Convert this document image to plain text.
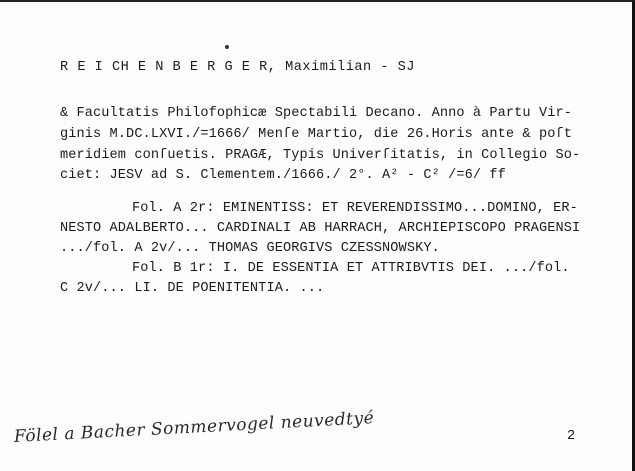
R E I CH E N B E R G E R, Maximilian - SJ
& Facultatis Philofophicæ Spectabili Decano. Anno à Partu Vir-
ginis M.DC.LXVI./=1666/ Menſe Martio, die 26.Horis ante & poſt
meridiem conſuetis. PRAGÆ, Typis Univerſitatis, in Collegio So-
ciet: JESV ad S. Clementem./1666./ 2°. A² - C² /=6/ ff
Fol. A 2r: EMINENTISS: ET REVERENDISSIMO...DOMINO, ER-
NESTO ADALBERTO... CARDINALI AB HARRACH, ARCHIEPISCOPO PRAGENSI
.../fol. A 2v/... THOMAS GEORGIVS CZESSNOWSKY.
Fol. B 1r: I. DE ESSENTIA ET ATTRIBVTIS DEI. .../fol.
C 2v/... LI. DE POENITENTIA. ...
Fölel a Bacher Sommervogel neuvedtyé	2
